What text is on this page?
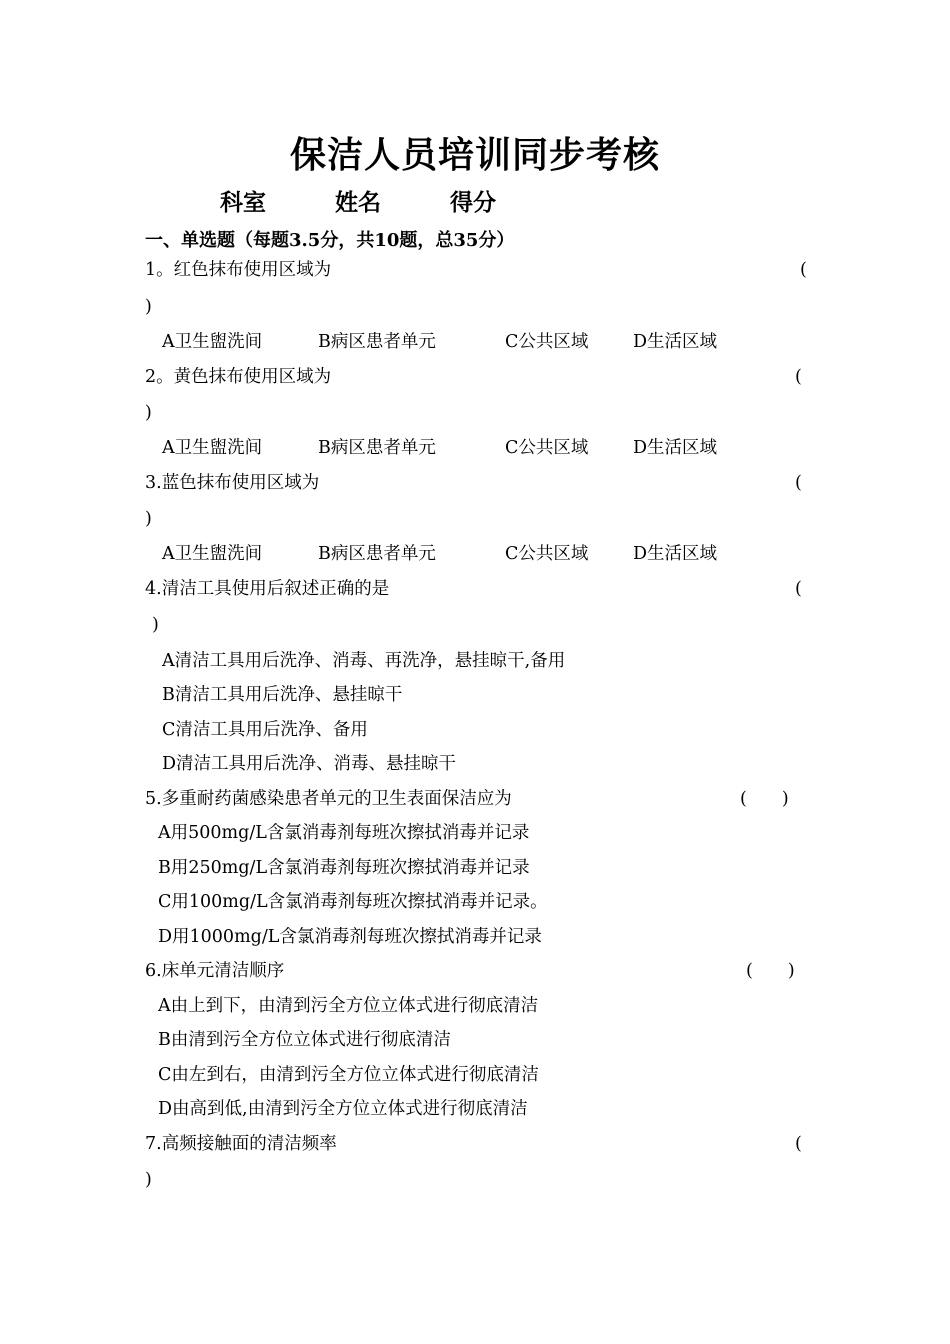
保洁人员培训同步考核
科室	姓名	得分
一、单选题（每题3.5分，共10题，总35分）
1。红色抹布使用区域为	(
)
A卫生盥洗间	B病区患者单元	C公共区域	D生活区域
2。黄色抹布使用区域为	(
)
A卫生盥洗间	B病区患者单元	C公共区域	D生活区域
3.蓝色抹布使用区域为	(
)
A卫生盥洗间	B病区患者单元	C公共区域	D生活区域
4.清洁工具使用后叙述正确的是	(
)
A清洁工具用后洗净、消毒、再洗净，悬挂晾干,备用
B清洁工具用后洗净、悬挂晾干
C清洁工具用后洗净、备用
D清洁工具用后洗净、消毒、悬挂晾干
5.多重耐药菌感染患者单元的卫生表面保洁应为	(　　)
A用500mg/L含氯消毒剂每班次擦拭消毒并记录
B用250mg/L含氯消毒剂每班次擦拭消毒并记录
C用100mg/L含氯消毒剂每班次擦拭消毒并记录。
D用1000mg/L含氯消毒剂每班次擦拭消毒并记录
6.床单元清洁顺序	(　　)
A由上到下，由清到污全方位立体式进行彻底清洁
B由清到污全方位立体式进行彻底清洁
C由左到右，由清到污全方位立体式进行彻底清洁
D由高到低,由清到污全方位立体式进行彻底清洁
7.高频接触面的清洁频率	(
)
